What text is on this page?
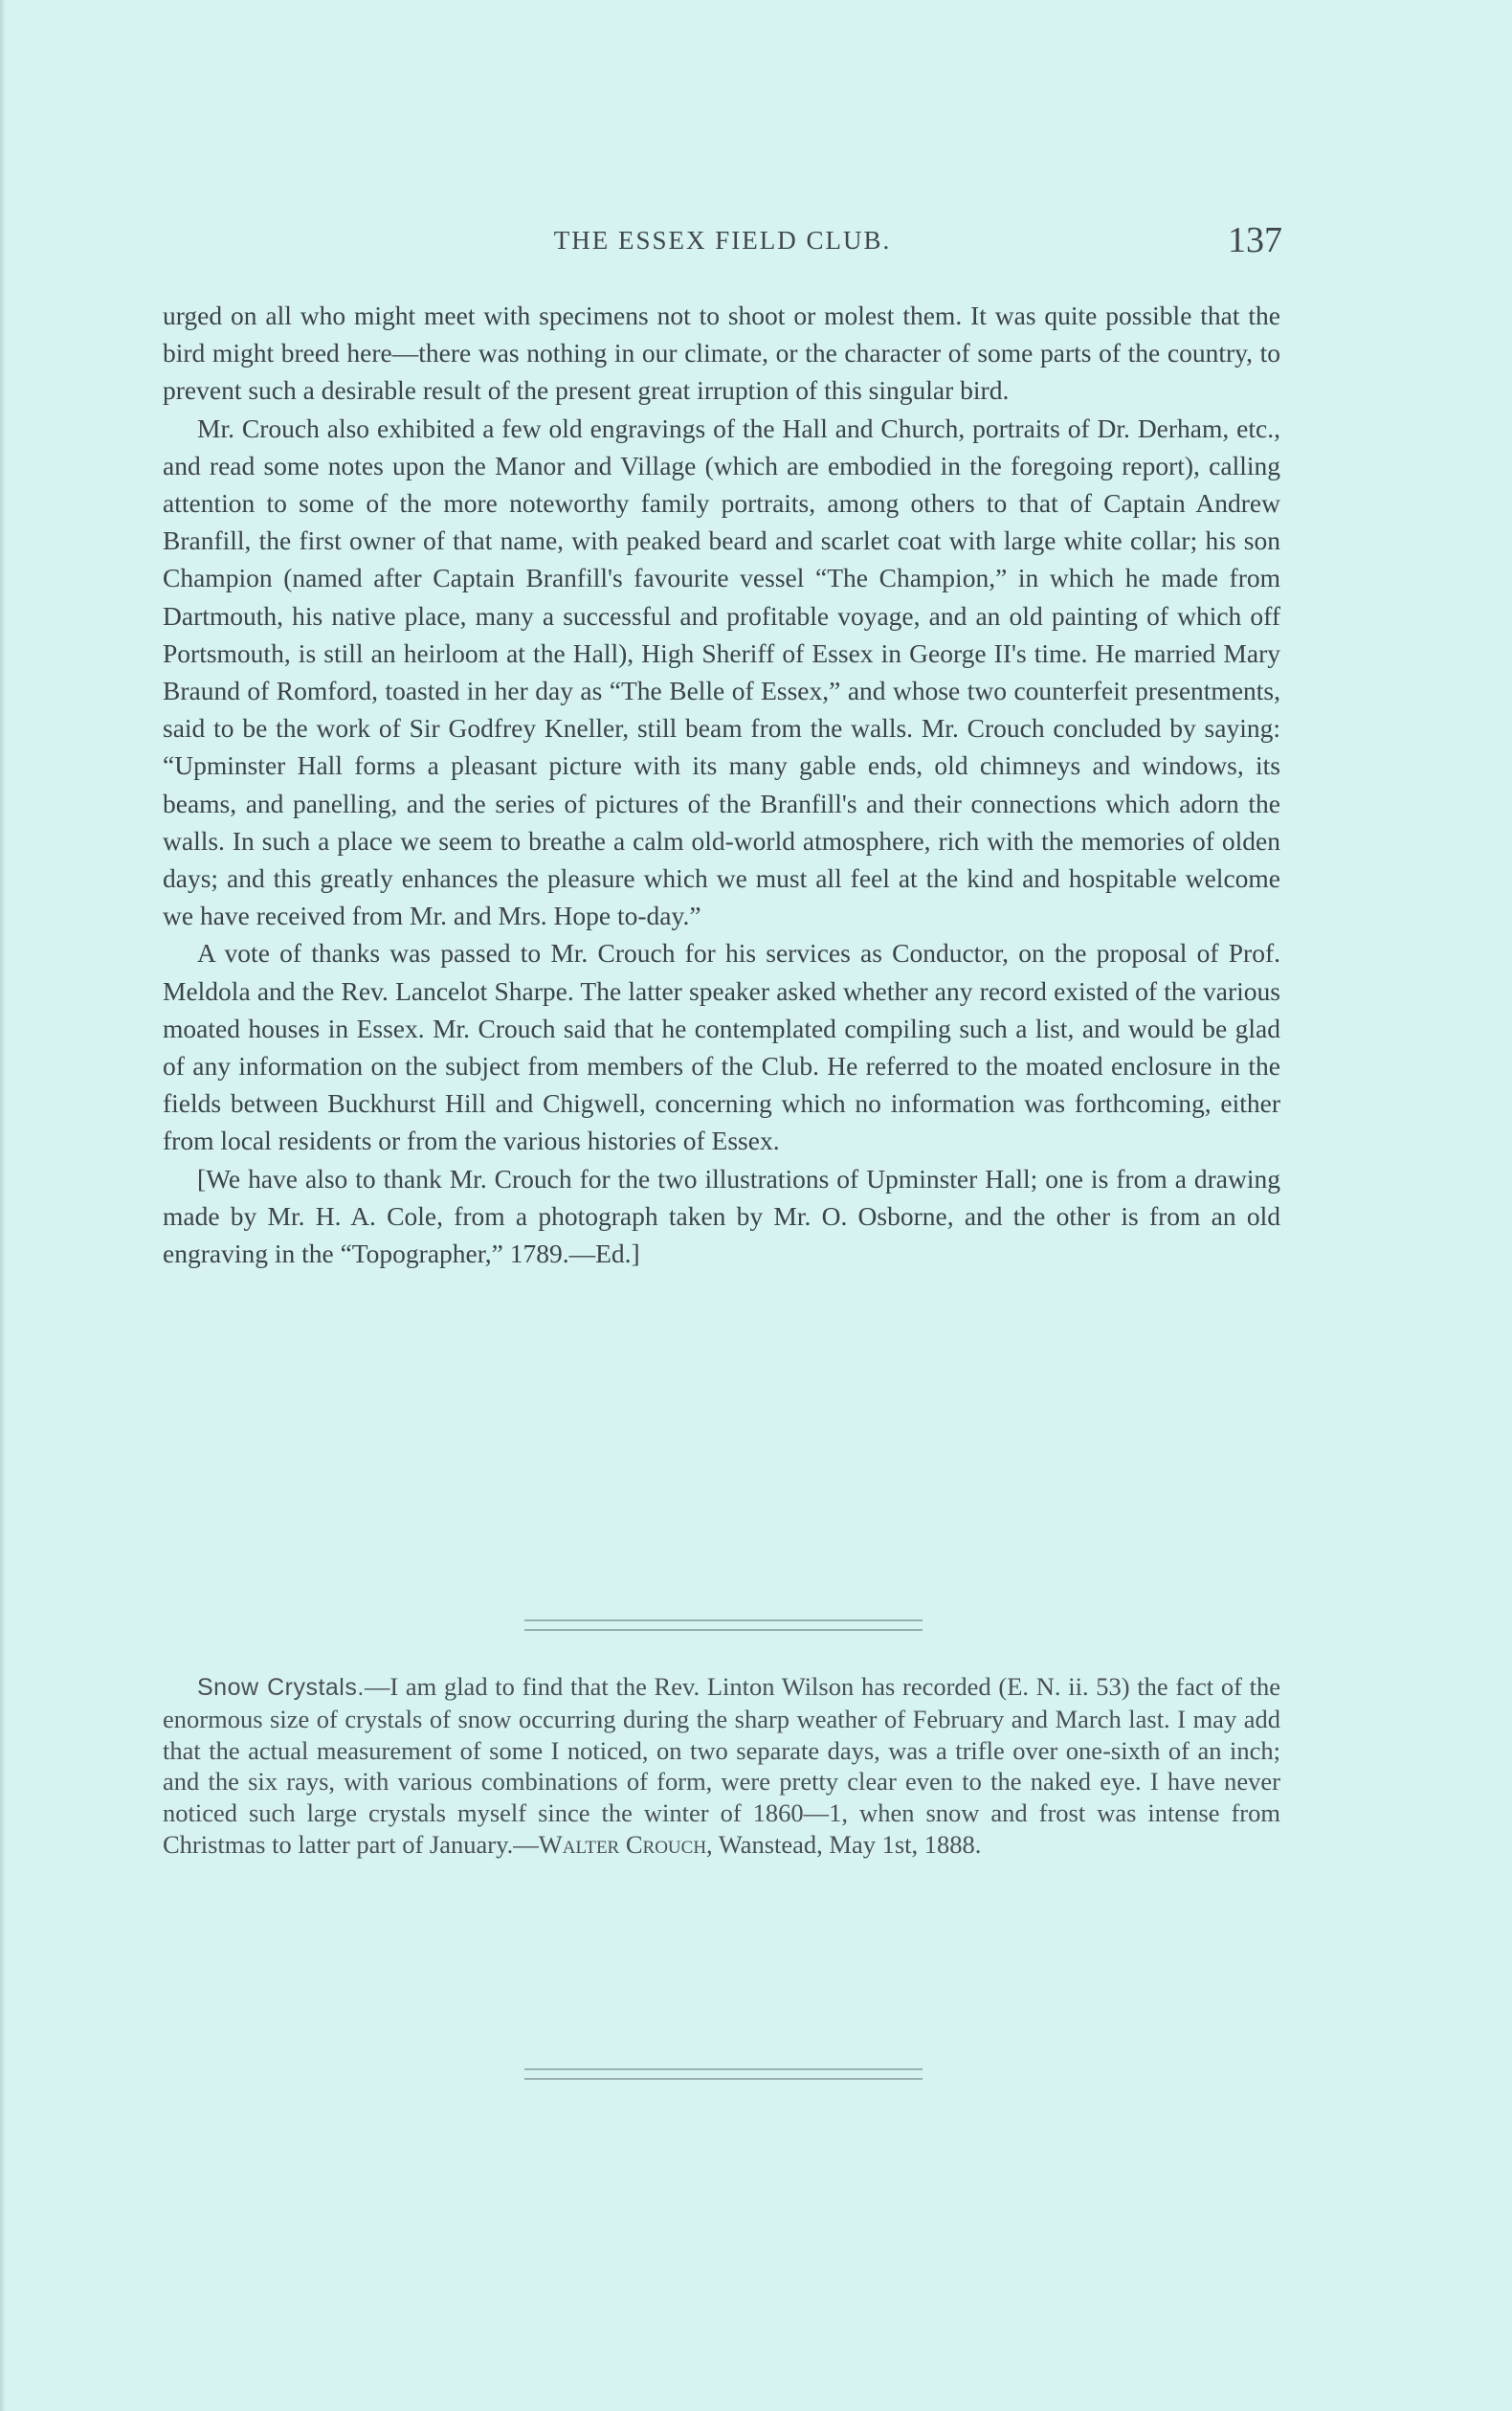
THE ESSEX FIELD CLUB.	137

urged on all who might meet with specimens not to shoot or molest them. It was quite possible that the bird might breed here—there was nothing in our climate, or the character of some parts of the country, to prevent such a desirable result of the present great irruption of this singular bird.

Mr. Crouch also exhibited a few old engravings of the Hall and Church, portraits of Dr. Derham, etc., and read some notes upon the Manor and Village (which are embodied in the foregoing report), calling attention to some of the more noteworthy family portraits, among others to that of Captain Andrew Branfill, the first owner of that name, with peaked beard and scarlet coat with large white collar; his son Champion (named after Captain Branfill's favourite vessel “The Champion,” in which he made from Dartmouth, his native place, many a successful and profitable voyage, and an old painting of which off Portsmouth, is still an heirloom at the Hall), High Sheriff of Essex in George II's time. He married Mary Braund of Romford, toasted in her day as “The Belle of Essex,” and whose two counterfeit presentments, said to be the work of Sir Godfrey Kneller, still beam from the walls. Mr. Crouch concluded by saying: “Upminster Hall forms a pleasant picture with its many gable ends, old chimneys and windows, its beams, and panelling, and the series of pictures of the Branfill's and their connections which adorn the walls. In such a place we seem to breathe a calm old-world atmosphere, rich with the memories of olden days; and this greatly enhances the pleasure which we must all feel at the kind and hospitable welcome we have received from Mr. and Mrs. Hope to-day.”

A vote of thanks was passed to Mr. Crouch for his services as Conductor, on the proposal of Prof. Meldola and the Rev. Lancelot Sharpe. The latter speaker asked whether any record existed of the various moated houses in Essex. Mr. Crouch said that he contemplated compiling such a list, and would be glad of any information on the subject from members of the Club. He referred to the moated enclosure in the fields between Buckhurst Hill and Chigwell, concerning which no information was forthcoming, either from local residents or from the various histories of Essex.

[We have also to thank Mr. Crouch for the two illustrations of Upminster Hall; one is from a drawing made by Mr. H. A. Cole, from a photograph taken by Mr. O. Osborne, and the other is from an old engraving in the “Topographer,” 1789.—Ed.]

Snow Crystals.—I am glad to find that the Rev. Linton Wilson has recorded (E. N. ii. 53) the fact of the enormous size of crystals of snow occurring during the sharp weather of February and March last. I may add that the actual measurement of some I noticed, on two separate days, was a trifle over one-sixth of an inch; and the six rays, with various combinations of form, were pretty clear even to the naked eye. I have never noticed such large crystals myself since the winter of 1860—1, when snow and frost was intense from Christmas to latter part of January.—Walter Crouch, Wanstead, May 1st, 1888.
